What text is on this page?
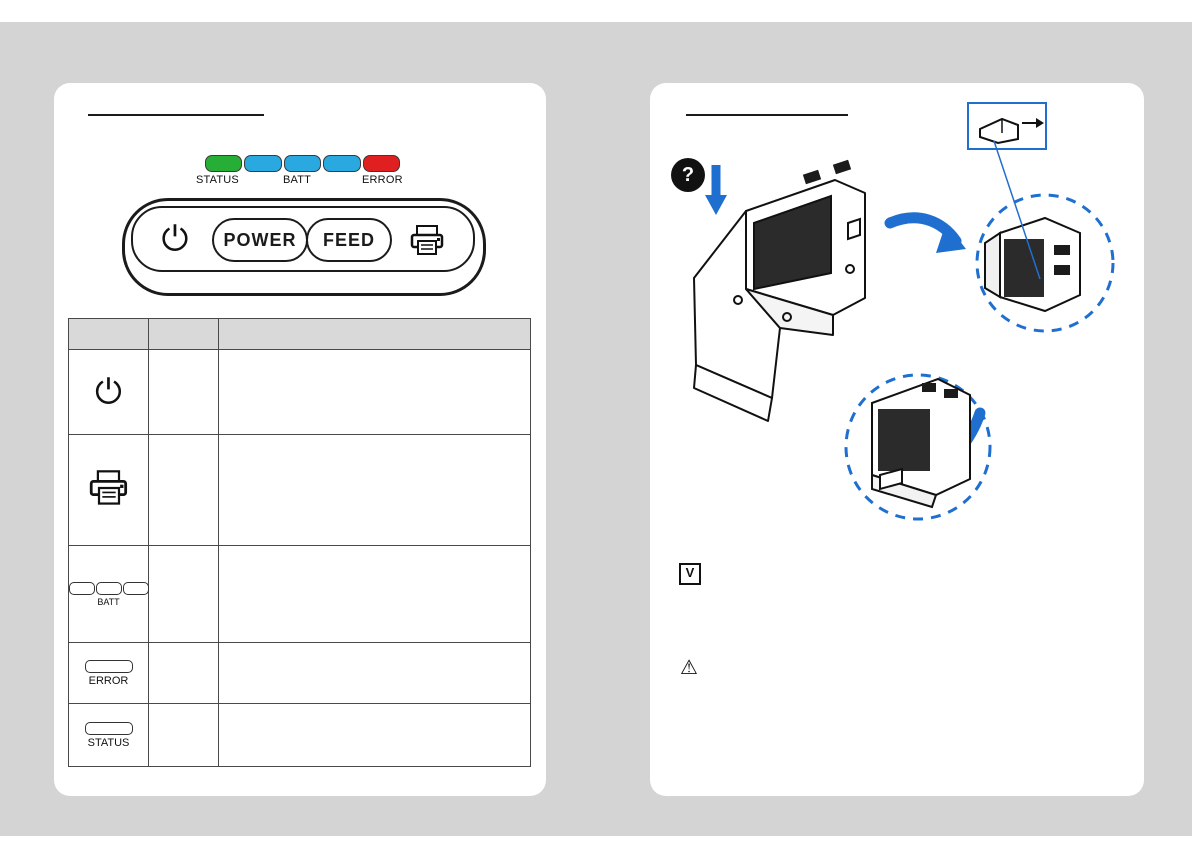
STATUS	BATT	ERROR
⏻	POWER	FEED

⏻		

BATT		

ERROR		

STATUS		

?
V
⚠
